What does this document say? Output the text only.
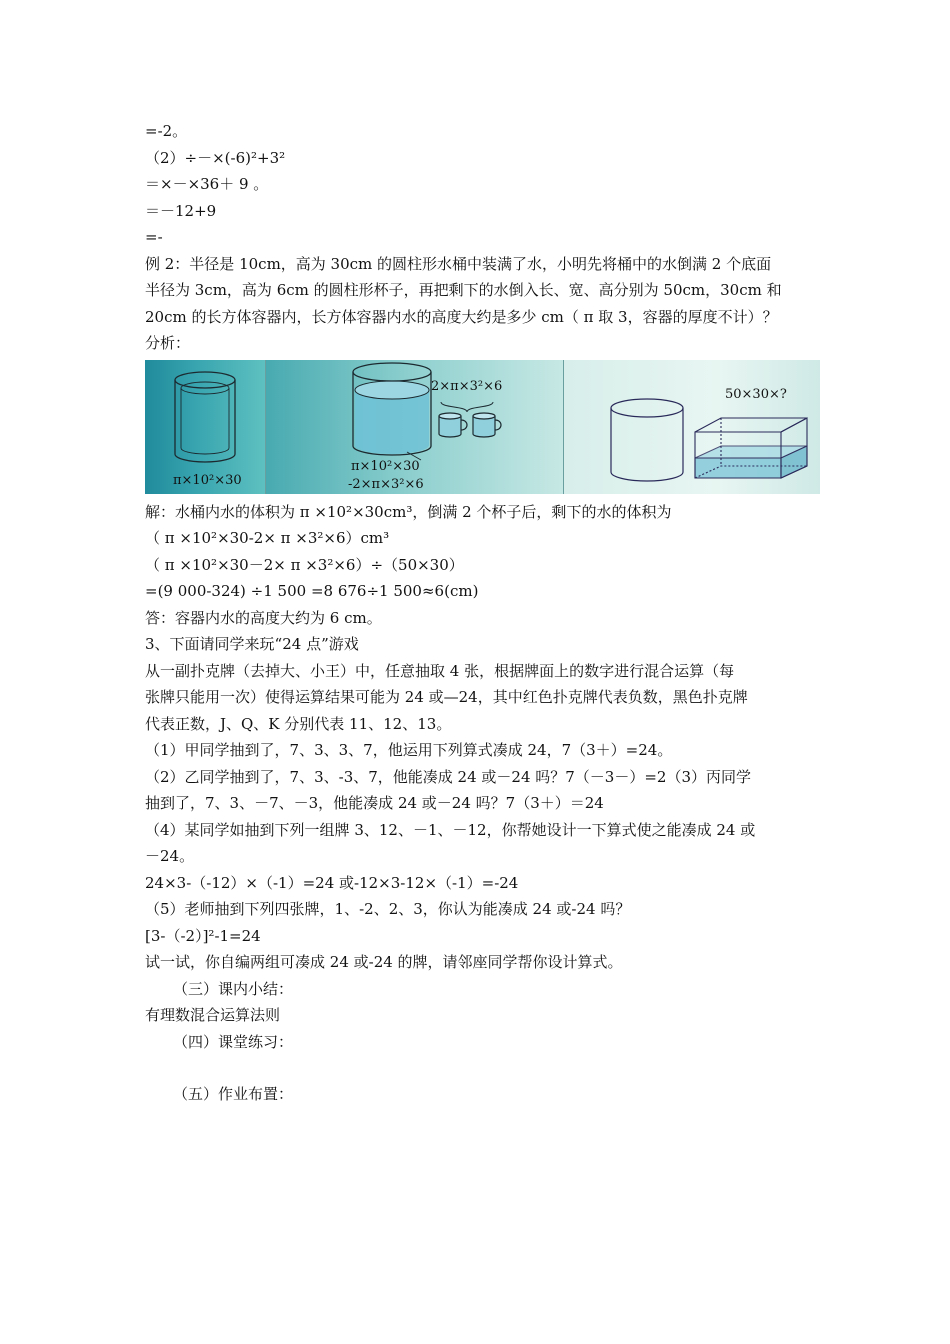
=-2。
（2）÷－×(-6)²+3²
＝×－×36＋ 9 。
＝－12+9
=-
例 2：半径是 10cm，高为 30cm 的圆柱形水桶中装满了水，小明先将桶中的水倒满 2 个底面
半径为 3cm，高为 6cm 的圆柱形杯子，再把剩下的水倒入长、宽、高分别为 50cm，30cm 和
20cm 的长方体容器内，长方体容器内水的高度大约是多少 cm（ π 取 3，容器的厚度不计）？
分析：
π×10²×30
2×π×3²×6
π×10²×30
-2×π×3²×6
50×30×?
解：水桶内水的体积为 π ×10²×30cm³，倒满 2 个杯子后，剩下的水的体积为
（ π ×10²×30-2× π ×3²×6）cm³
（ π ×10²×30－2× π ×3²×6）÷（50×30）
=(9 000-324) ÷1 500 =8 676÷1 500≈6(cm)
答：容器内水的高度大约为 6 cm。
3、下面请同学来玩“24 点”游戏
从一副扑克牌（去掉大、小王）中，任意抽取 4 张，根据牌面上的数字进行混合运算（每
张牌只能用一次）使得运算结果可能为 24 或—24，其中红色扑克牌代表负数，黑色扑克牌
代表正数，J、Q、K 分别代表 11、12、13。
（1）甲同学抽到了，7、3、3、7，他运用下列算式凑成 24，7（3＋）=24。
（2）乙同学抽到了，7、3、-3、7，他能凑成 24 或－24 吗？7（－3－）=2（3）丙同学
抽到了，7、3、－7、－3，他能凑成 24 或－24 吗？7（3＋）＝24
（4）某同学如抽到下列一组牌 3、12、－1、－12，你帮她设计一下算式使之能凑成 24 或
－24。
24×3-（-12）×（-1）=24 或-12×3-12×（-1）=-24
（5）老师抽到下列四张牌，1、-2、2、3，你认为能凑成 24 或-24 吗？
[3-（-2）]²-1=24
试一试，你自编两组可凑成 24 或-24 的牌，请邻座同学帮你设计算式。
（三）课内小结：
有理数混合运算法则
（四）课堂练习：
（五）作业布置：
